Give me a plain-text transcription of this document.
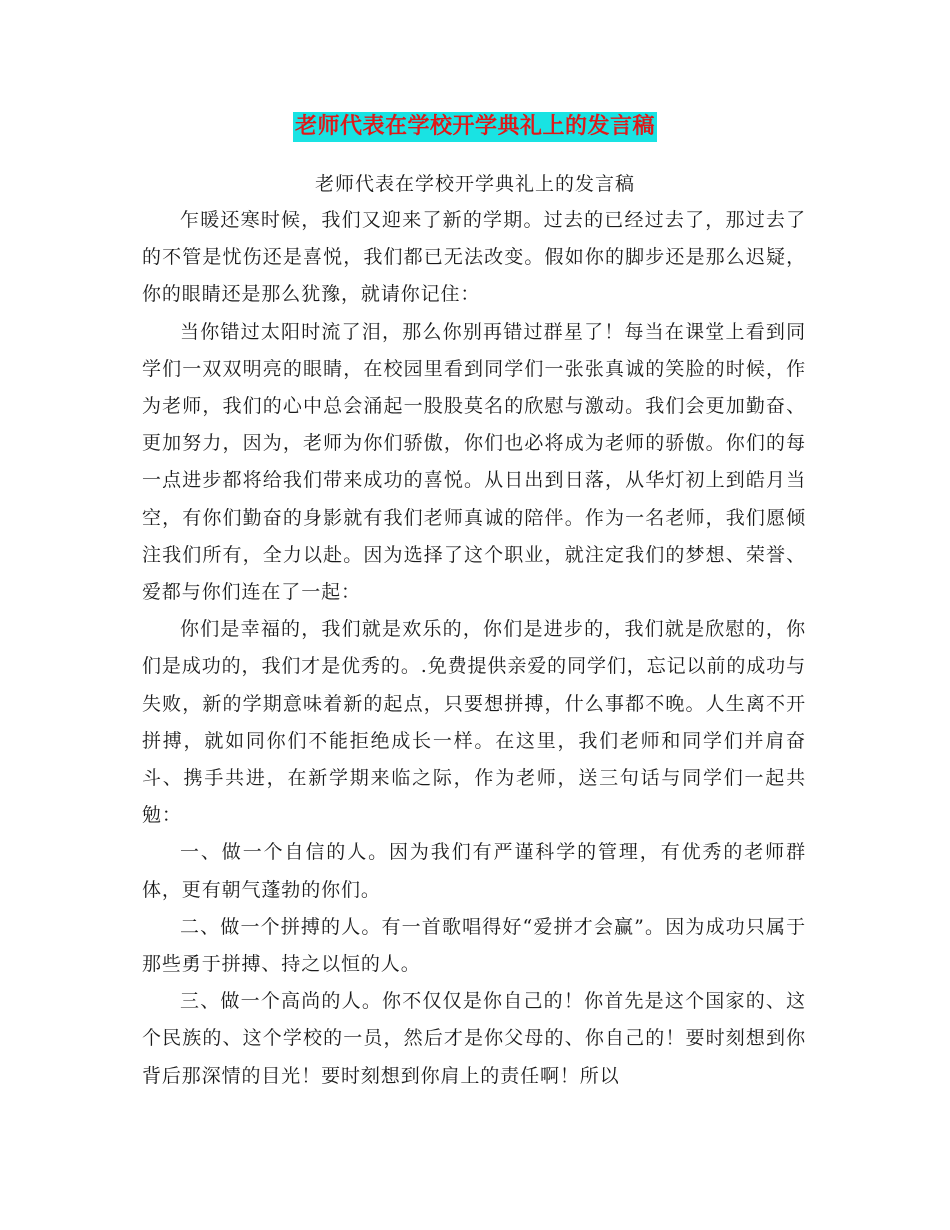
老师代表在学校开学典礼上的发言稿
老师代表在学校开学典礼上的发言稿

乍暖还寒时候，我们又迎来了新的学期。过去的已经过去了，那过去了的不管是忧伤还是喜悦，我们都已无法改变。假如你的脚步还是那么迟疑，你的眼睛还是那么犹豫，就请你记住：

当你错过太阳时流了泪，那么你别再错过群星了！每当在课堂上看到同学们一双双明亮的眼睛，在校园里看到同学们一张张真诚的笑脸的时候，作为老师，我们的心中总会涌起一股股莫名的欣慰与激动。我们会更加勤奋、更加努力，因为，老师为你们骄傲，你们也必将成为老师的骄傲。你们的每一点进步都将给我们带来成功的喜悦。从日出到日落，从华灯初上到皓月当空，有你们勤奋的身影就有我们老师真诚的陪伴。作为一名老师，我们愿倾注我们所有，全力以赴。因为选择了这个职业，就注定我们的梦想、荣誉、爱都与你们连在了一起：

你们是幸福的，我们就是欢乐的，你们是进步的，我们就是欣慰的，你们是成功的，我们才是优秀的。.免费提供亲爱的同学们，忘记以前的成功与失败，新的学期意味着新的起点，只要想拼搏，什么事都不晚。人生离不开拼搏，就如同你们不能拒绝成长一样。在这里，我们老师和同学们并肩奋斗、携手共进，在新学期来临之际，作为老师，送三句话与同学们一起共勉：

一、做一个自信的人。因为我们有严谨科学的管理，有优秀的老师群体，更有朝气蓬勃的你们。

二、做一个拼搏的人。有一首歌唱得好“爱拼才会赢”。因为成功只属于那些勇于拼搏、持之以恒的人。

三、做一个高尚的人。你不仅仅是你自己的！你首先是这个国家的、这个民族的、这个学校的一员，然后才是你父母的、你自己的！要时刻想到你背后那深情的目光！要时刻想到你肩上的责任啊！所以
